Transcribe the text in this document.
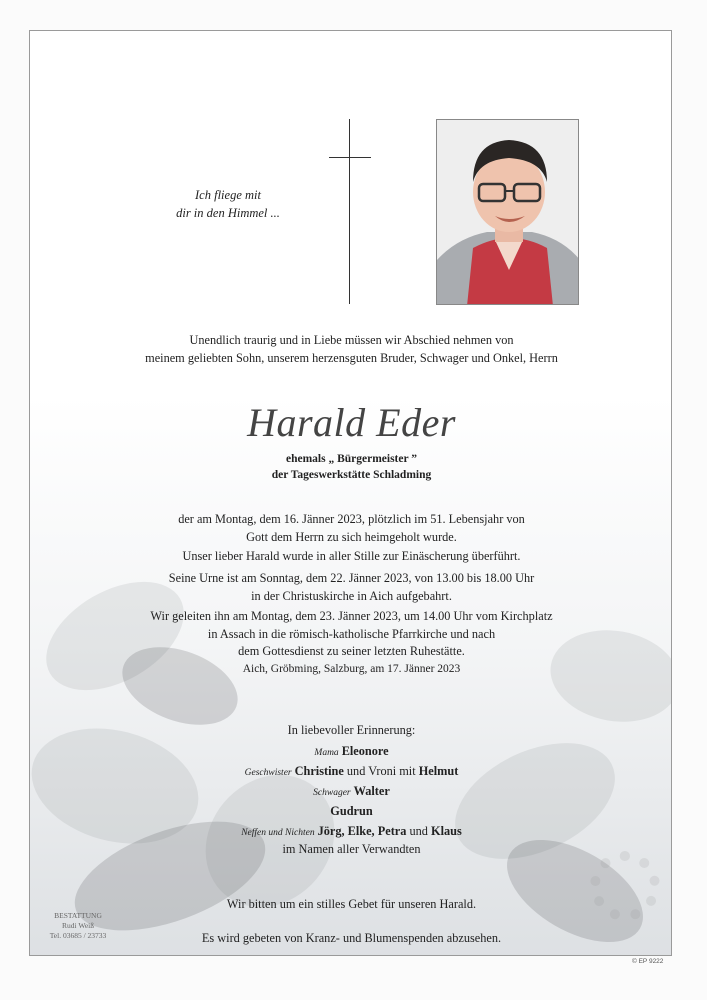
Ich fliege mit
dir in den Himmel ...
Unendlich traurig und in Liebe müssen wir Abschied nehmen von
meinem geliebten Sohn, unserem herzensguten Bruder, Schwager und Onkel, Herrn
Harald Eder
ehemals „ Bürgermeister ”
der Tageswerkstätte Schladming
der am Montag, dem 16. Jänner 2023, plötzlich im 51. Lebensjahr von
Gott dem Herrn zu sich heimgeholt wurde.
Unser lieber Harald wurde in aller Stille zur Einäscherung überführt.
Seine Urne ist am Sonntag, dem 22. Jänner 2023, von 13.00 bis 18.00 Uhr
in der Christuskirche in Aich aufgebahrt.
Wir geleiten ihn am Montag, dem 23. Jänner 2023, um 14.00 Uhr vom Kirchplatz
in Assach in die römisch-katholische Pfarrkirche und nach
dem Gottesdienst zu seiner letzten Ruhestätte.
Aich, Gröbming, Salzburg, am 17. Jänner 2023
In liebevoller Erinnerung:
Mama Eleonore
Geschwister Christine und Vroni mit Helmut
Schwager Walter
Gudrun
Neffen und Nichten Jörg, Elke, Petra und Klaus
im Namen aller Verwandten
Wir bitten um ein stilles Gebet für unseren Harald.
Es wird gebeten von Kranz- und Blumenspenden abzusehen.
BESTATTUNG
Rudi Weiß
Tel. 03685 / 23733
© EP 9222
